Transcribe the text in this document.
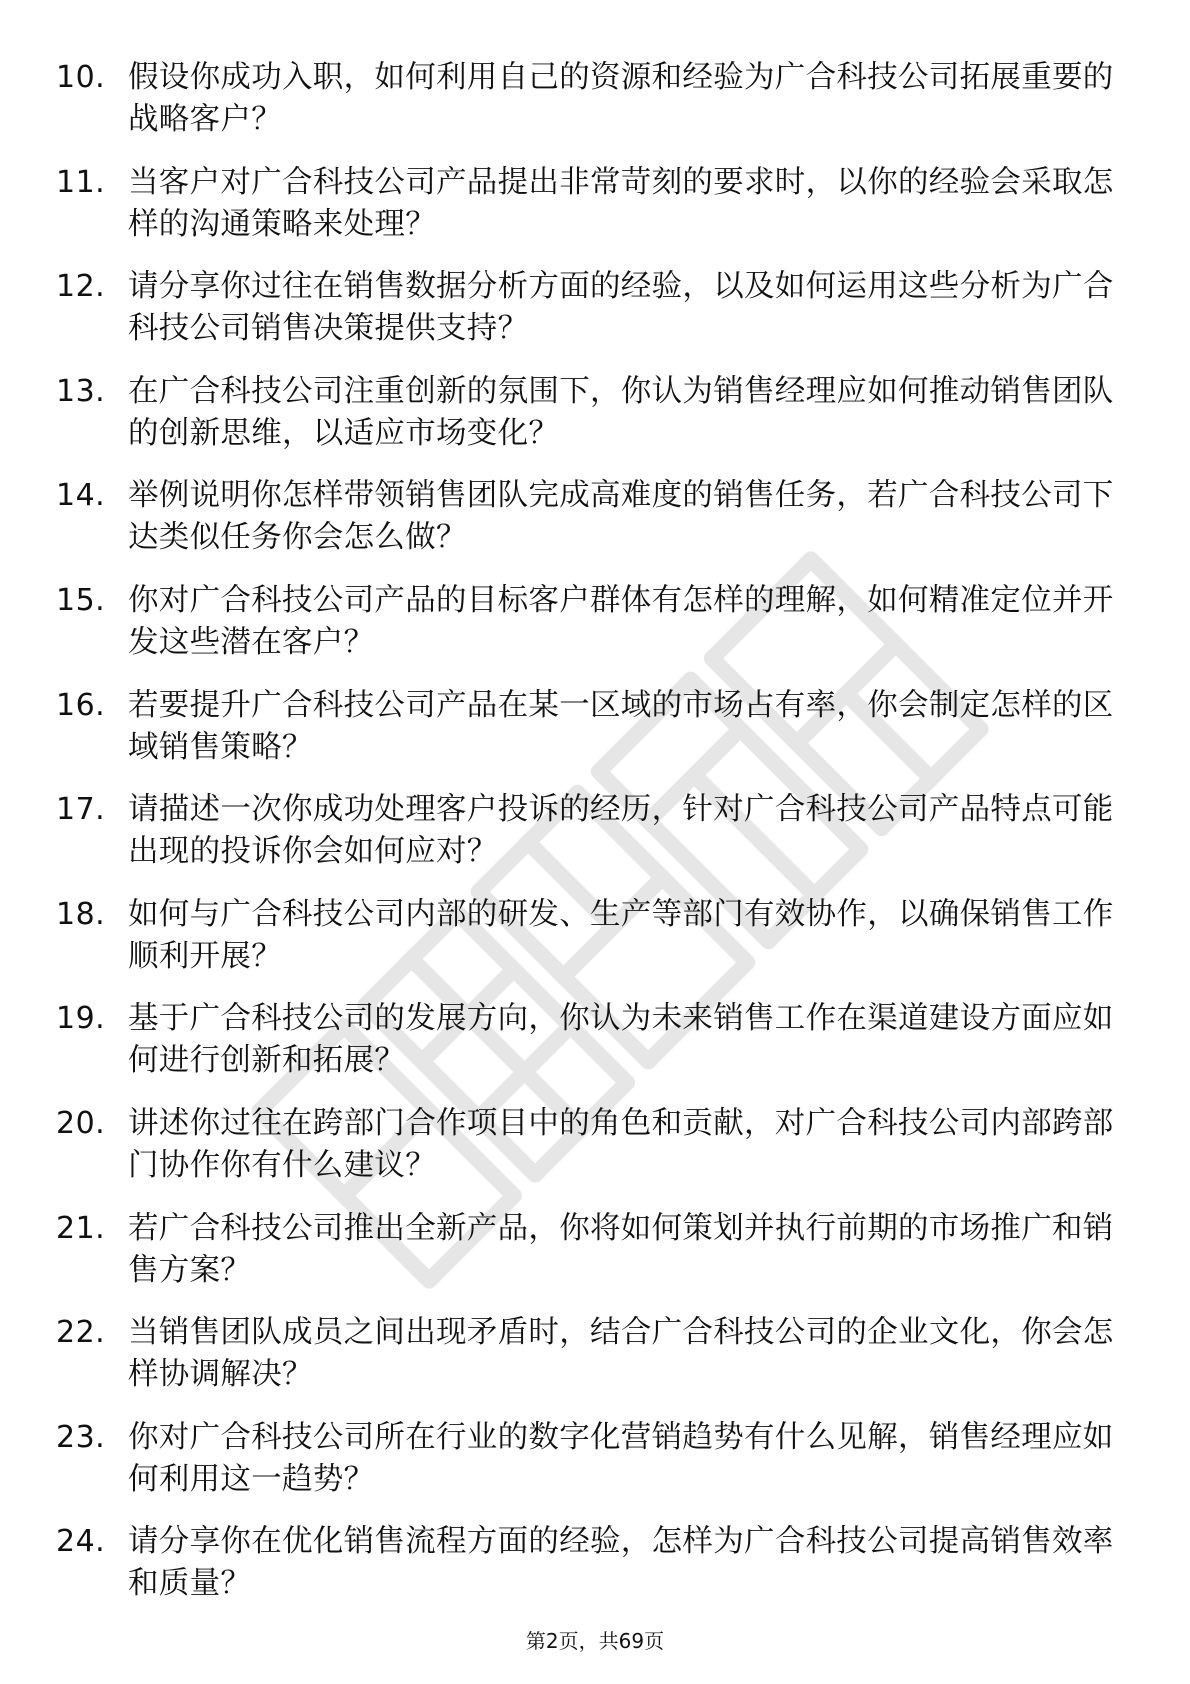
10. 假设你成功入职，如何利用自己的资源和经验为广合科技公司拓展重要的战略客户？
11. 当客户对广合科技公司产品提出非常苛刻的要求时，以你的经验会采取怎样的沟通策略来处理？
12. 请分享你过往在销售数据分析方面的经验，以及如何运用这些分析为广合科技公司销售决策提供支持？
13. 在广合科技公司注重创新的氛围下，你认为销售经理应如何推动销售团队的创新思维，以适应市场变化？
14. 举例说明你怎样带领销售团队完成高难度的销售任务，若广合科技公司下达类似任务你会怎么做？
15. 你对广合科技公司产品的目标客户群体有怎样的理解，如何精准定位并开发这些潜在客户？
16. 若要提升广合科技公司产品在某一区域的市场占有率，你会制定怎样的区域销售策略？
17. 请描述一次你成功处理客户投诉的经历，针对广合科技公司产品特点可能出现的投诉你会如何应对？
18. 如何与广合科技公司内部的研发、生产等部门有效协作，以确保销售工作顺利开展？
19. 基于广合科技公司的发展方向，你认为未来销售工作在渠道建设方面应如何进行创新和拓展？
20. 讲述你过往在跨部门合作项目中的角色和贡献，对广合科技公司内部跨部门协作你有什么建议？
21. 若广合科技公司推出全新产品，你将如何策划并执行前期的市场推广和销售方案？
22. 当销售团队成员之间出现矛盾时，结合广合科技公司的企业文化，你会怎样协调解决？
23. 你对广合科技公司所在行业的数字化营销趋势有什么见解，销售经理应如何利用这一趋势？
24. 请分享你在优化销售流程方面的经验，怎样为广合科技公司提高销售效率和质量？
第2页，共69页
